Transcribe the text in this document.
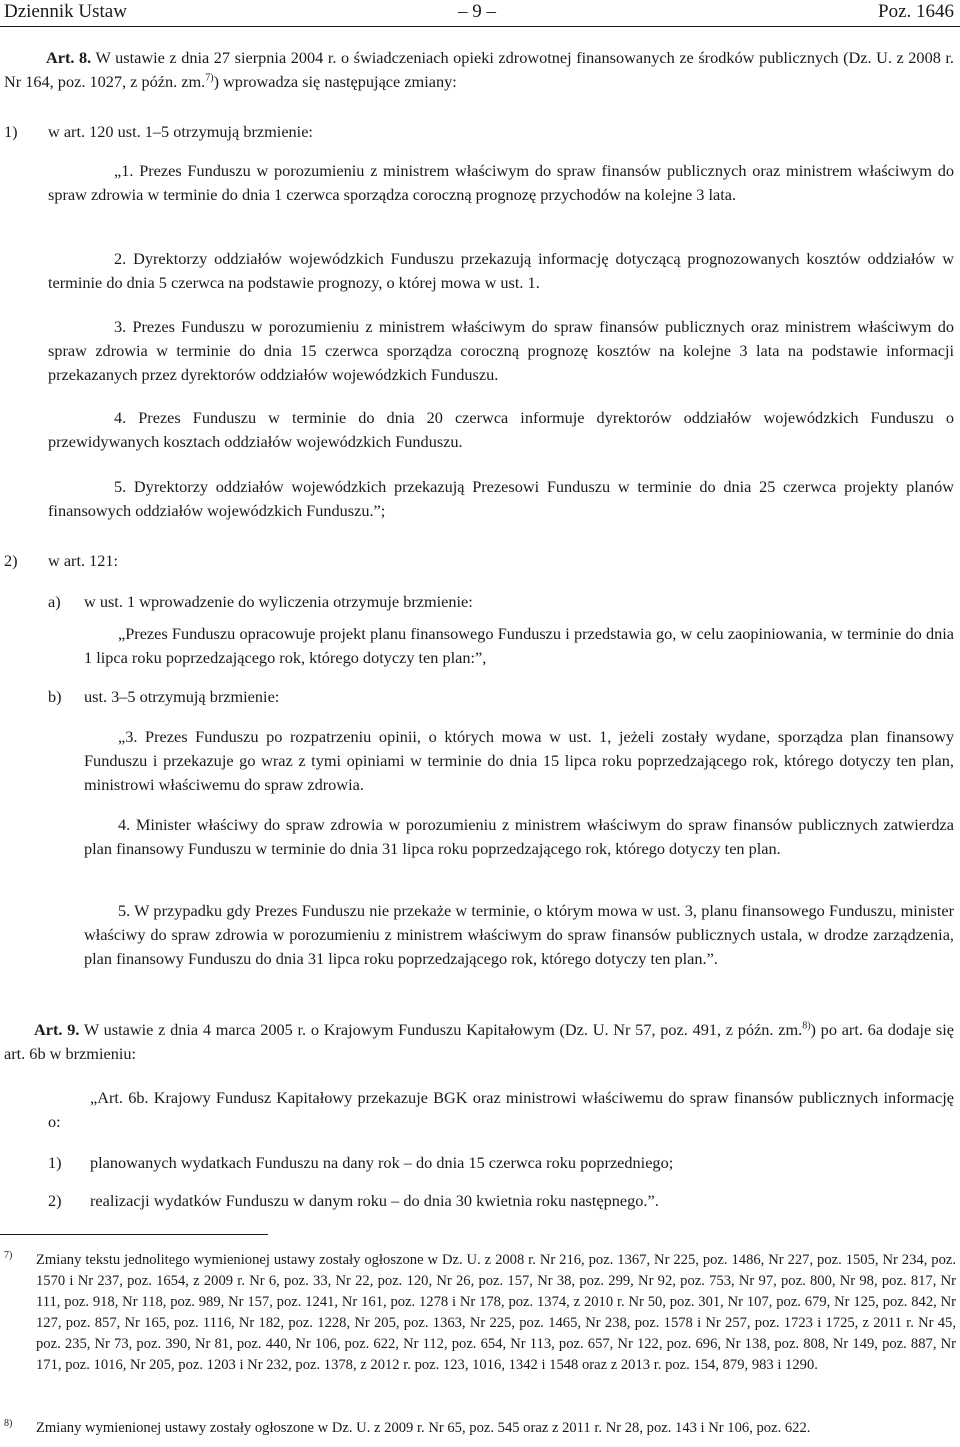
Dziennik Ustaw	– 9 –	Poz. 1646
Art. 8. W ustawie z dnia 27 sierpnia 2004 r. o świadczeniach opieki zdrowotnej finansowanych ze środków publicznych (Dz. U. z 2008 r. Nr 164, poz. 1027, z późn. zm.$^{7)}$) wprowadza się następujące zmiany:
1) w art. 120 ust. 1–5 otrzymują brzmienie:
„1. Prezes Funduszu w porozumieniu z ministrem właściwym do spraw finansów publicznych oraz ministrem właściwym do spraw zdrowia w terminie do dnia 1 czerwca sporządza coroczną prognozę przychodów na kolejne 3 lata.
2. Dyrektorzy oddziałów wojewódzkich Funduszu przekazują informację dotyczącą prognozowanych kosztów oddziałów w terminie do dnia 5 czerwca na podstawie prognozy, o której mowa w ust. 1.
3. Prezes Funduszu w porozumieniu z ministrem właściwym do spraw finansów publicznych oraz ministrem właściwym do spraw zdrowia w terminie do dnia 15 czerwca sporządza coroczną prognozę kosztów na kolejne 3 lata na podstawie informacji przekazanych przez dyrektorów oddziałów wojewódzkich Funduszu.
4. Prezes Funduszu w terminie do dnia 20 czerwca informuje dyrektorów oddziałów wojewódzkich Funduszu o przewidywanych kosztach oddziałów wojewódzkich Funduszu.
5. Dyrektorzy oddziałów wojewódzkich przekazują Prezesowi Funduszu w terminie do dnia 25 czerwca projekty planów finansowych oddziałów wojewódzkich Funduszu.”;
2) w art. 121:
a) w ust. 1 wprowadzenie do wyliczenia otrzymuje brzmienie:
„Prezes Funduszu opracowuje projekt planu finansowego Funduszu i przedstawia go, w celu zaopiniowania, w terminie do dnia 1 lipca roku poprzedzającego rok, którego dotyczy ten plan:”,
b) ust. 3–5 otrzymują brzmienie:
„3. Prezes Funduszu po rozpatrzeniu opinii, o których mowa w ust. 1, jeżeli zostały wydane, sporządza plan finansowy Funduszu i przekazuje go wraz z tymi opiniami w terminie do dnia 15 lipca roku poprzedzającego rok, którego dotyczy ten plan, ministrowi właściwemu do spraw zdrowia.
4. Minister właściwy do spraw zdrowia w porozumieniu z ministrem właściwym do spraw finansów publicznych zatwierdza plan finansowy Funduszu w terminie do dnia 31 lipca roku poprzedzającego rok, którego dotyczy ten plan.
5. W przypadku gdy Prezes Funduszu nie przekaże w terminie, o którym mowa w ust. 3, planu finansowego Funduszu, minister właściwy do spraw zdrowia w porozumieniu z ministrem właściwym do spraw finansów publicznych ustala, w drodze zarządzenia, plan finansowy Funduszu do dnia 31 lipca roku poprzedzającego rok, którego dotyczy ten plan.”.
Art. 9. W ustawie z dnia 4 marca 2005 r. o Krajowym Funduszu Kapitałowym (Dz. U. Nr 57, poz. 491, z późn. zm.$^{8)}$) po art. 6a dodaje się art. 6b w brzmieniu:
„Art. 6b. Krajowy Fundusz Kapitałowy przekazuje BGK oraz ministrowi właściwemu do spraw finansów publicznych informację o:
1) planowanych wydatkach Funduszu na dany rok – do dnia 15 czerwca roku poprzedniego;
2) realizacji wydatków Funduszu w danym roku – do dnia 30 kwietnia roku następnego.”.
7) Zmiany tekstu jednolitego wymienionej ustawy zostały ogłoszone w Dz. U. z 2008 r. Nr 216, poz. 1367, Nr 225, poz. 1486, Nr 227, poz. 1505, Nr 234, poz. 1570 i Nr 237, poz. 1654, z 2009 r. Nr 6, poz. 33, Nr 22, poz. 120, Nr 26, poz. 157, Nr 38, poz. 299, Nr 92, poz. 753, Nr 97, poz. 800, Nr 98, poz. 817, Nr 111, poz. 918, Nr 118, poz. 989, Nr 157, poz. 1241, Nr 161, poz. 1278 i Nr 178, poz. 1374, z 2010 r. Nr 50, poz. 301, Nr 107, poz. 679, Nr 125, poz. 842, Nr 127, poz. 857, Nr 165, poz. 1116, Nr 182, poz. 1228, Nr 205, poz. 1363, Nr 225, poz. 1465, Nr 238, poz. 1578 i Nr 257, poz. 1723 i 1725, z 2011 r. Nr 45, poz. 235, Nr 73, poz. 390, Nr 81, poz. 440, Nr 106, poz. 622, Nr 112, poz. 654, Nr 113, poz. 657, Nr 122, poz. 696, Nr 138, poz. 808, Nr 149, poz. 887, Nr 171, poz. 1016, Nr 205, poz. 1203 i Nr 232, poz. 1378, z 2012 r. poz. 123, 1016, 1342 i 1548 oraz z 2013 r. poz. 154, 879, 983 i 1290.
8) Zmiany wymienionej ustawy zostały ogłoszone w Dz. U. z 2009 r. Nr 65, poz. 545 oraz z 2011 r. Nr 28, poz. 143 i Nr 106, poz. 622.
